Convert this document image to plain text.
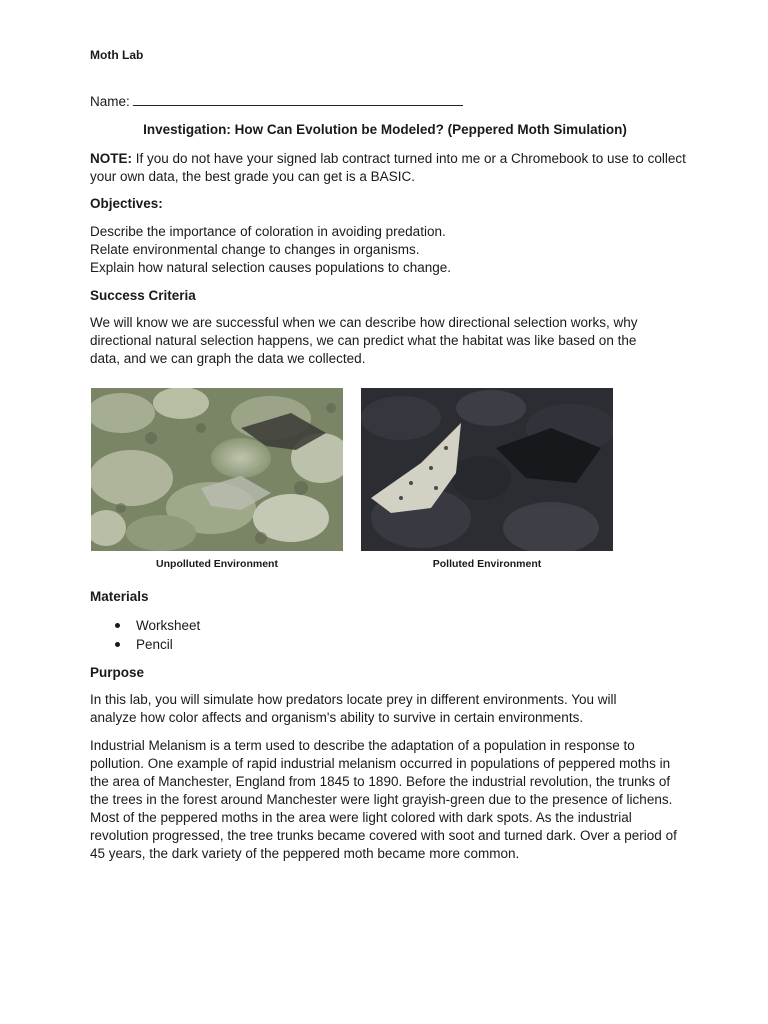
Moth Lab
Name:
Investigation: How Can Evolution be Modeled? (Peppered Moth Simulation)
NOTE: If you do not have your signed lab contract turned into me or a Chromebook to use to collect your own data, the best grade you can get is a BASIC.
Objectives:
Describe the importance of coloration in avoiding predation.
Relate environmental change to changes in organisms.
Explain how natural selection causes populations to change.
Success Criteria
We will know we are successful when we can describe how directional selection works, why directional natural selection happens, we can predict what the habitat was like based on the data, and we can graph the data we collected.
Unpolluted Environment	Polluted Environment
Materials
Worksheet
Pencil
Purpose
In this lab, you will simulate how predators locate prey in different environments. You will analyze how color affects and organism's ability to survive in certain environments.
Industrial Melanism is a term used to describe the adaptation of a population in response to pollution. One example of rapid industrial melanism occurred in populations of peppered moths in the area of Manchester, England from 1845 to 1890. Before the industrial revolution, the trunks of the trees in the forest around Manchester were light grayish-green due to the presence of lichens. Most of the peppered moths in the area were light colored with dark spots. As the industrial revolution progressed, the tree trunks became covered with soot and turned dark. Over a period of 45 years, the dark variety of the peppered moth became more common.
